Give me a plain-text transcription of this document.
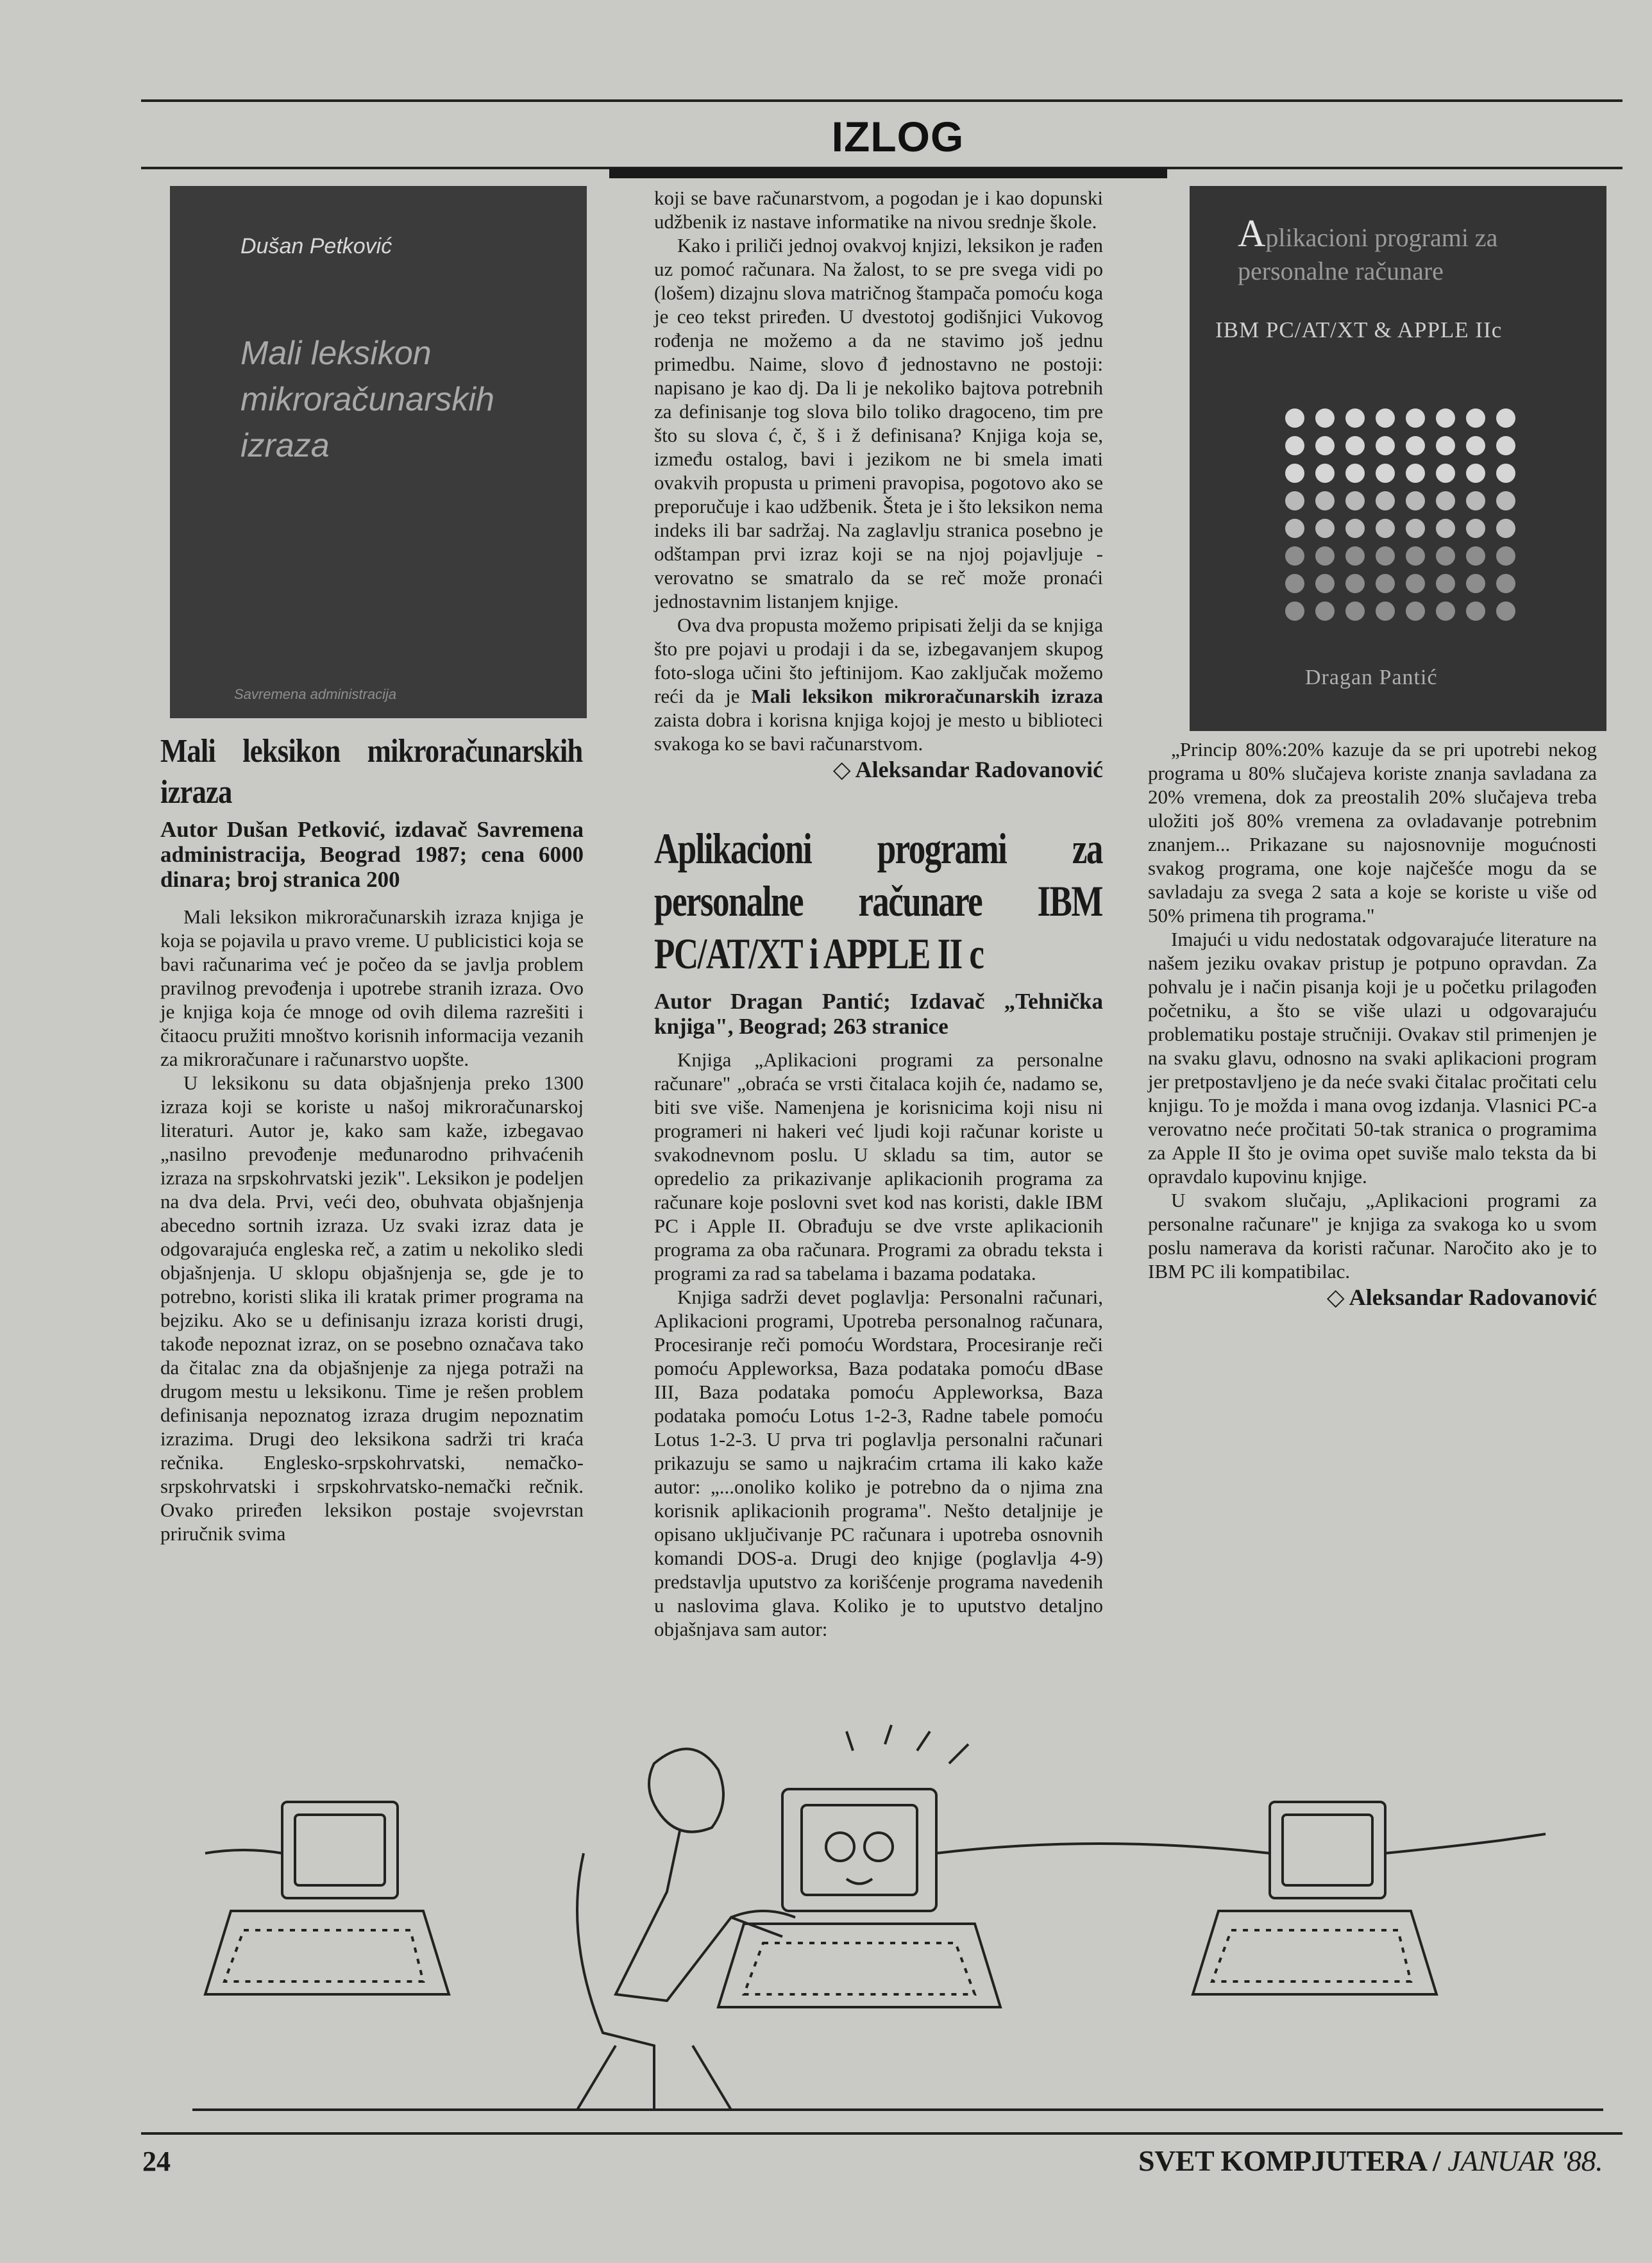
IZLOG
Dušan Petković
Mali leksikon
mikroračunarskih
izraza
Savremena administracija
Aplikacioni programi za personalne računare
IBM PC/AT/XT & APPLE IIc
Dragan Pantić
Mali leksikon mikroračunarskih izraza
Autor Dušan Petković, izdavač Savremena administracija, Beograd 1987; cena 6000 dinara; broj stranica 200

Mali leksikon mikroračunarskih izraza knjiga je koja se pojavila u pravo vreme. U publicistici koja se bavi računarima već je počeo da se javlja problem pravilnog prevođenja i upotrebe stranih izraza. Ovo je knjiga koja će mnoge od ovih dilema razrešiti i čitaocu pružiti mnoštvo korisnih informacija vezanih za mikroračunare i računarstvo uopšte.

U leksikonu su data objašnjenja preko 1300 izraza koji se koriste u našoj mikroračunarskoj literaturi. Autor je, kako sam kaže, izbegavao „nasilno prevođenje međunarodno prihvaćenih izraza na srpskohrvatski jezik". Leksikon je podeljen na dva dela. Prvi, veći deo, obuhvata objašnjenja abecedno sortnih izraza. Uz svaki izraz data je odgovarajuća engleska reč, a zatim u nekoliko sledi objašnjenja. U sklopu objašnjenja se, gde je to potrebno, koristi slika ili kratak primer programa na bejziku. Ako se u definisanju izraza koristi drugi, takođe nepoznat izraz, on se posebno označava tako da čitalac zna da objašnjenje za njega potraži na drugom mestu u leksikonu. Time je rešen problem definisanja nepoznatog izraza drugim nepoznatim izrazima. Drugi deo leksikona sadrži tri kraća rečnika. Englesko-srpskohrvatski, nemačko-srpskohrvatski i srpskohrvatsko-nemački rečnik. Ovako priređen leksikon postaje svojevrstan priručnik svima

koji se bave računarstvom, a pogodan je i kao dopunski udžbenik iz nastave informatike na nivou srednje škole.

Kako i priliči jednoj ovakvoj knjizi, leksikon je rađen uz pomoć računara. Na žalost, to se pre svega vidi po (lošem) dizajnu slova matričnog štampača pomoću koga je ceo tekst priređen. U dvestotoj godišnjici Vukovog rođenja ne možemo a da ne stavimo još jednu primedbu. Naime, slovo đ jednostavno ne postoji: napisano je kao dj. Da li je nekoliko bajtova potrebnih za definisanje tog slova bilo toliko dragoceno, tim pre što su slova ć, č, š i ž definisana? Knjiga koja se, između ostalog, bavi i jezikom ne bi smela imati ovakvih propusta u primeni pravopisa, pogotovo ako se preporučuje i kao udžbenik. Šteta je i što leksikon nema indeks ili bar sadržaj. Na zaglavlju stranica posebno je odštampan prvi izraz koji se na njoj pojavljuje - verovatno se smatralo da se reč može pronaći jednostavnim listanjem knjige.

Ova dva propusta možemo pripisati želji da se knjiga što pre pojavi u prodaji i da se, izbegavanjem skupog foto-sloga učini što jeftinijom. Kao zaključak možemo reći da je Mali leksikon mikroračunarskih izraza zaista dobra i korisna knjiga kojoj je mesto u biblioteci svakoga ko se bavi računarstvom.

◇ Aleksandar Radovanović
Aplikacioni programi za personalne računare IBM PC/AT/XT i APPLE II c
Autor Dragan Pantić; Izdavač „Tehnička knjiga", Beograd; 263 stranice

Knjiga „Aplikacioni programi za personalne računare" „obraća se vrsti čitalaca kojih će, nadamo se, biti sve više. Namenjena je korisnicima koji nisu ni programeri ni hakeri već ljudi koji računar koriste u svakodnevnom poslu. U skladu sa tim, autor se opredelio za prikazivanje aplikacionih programa za računare koje poslovni svet kod nas koristi, dakle IBM PC i Apple II. Obrađuju se dve vrste aplikacionih programa za oba računara. Programi za obradu teksta i programi za rad sa tabelama i bazama podataka.
Knjiga sadrži devet poglavlja: Personalni računari, Aplikacioni programi, Upotreba personalnog računara, Procesiranje reči pomoću Wordstara, Procesiranje reči pomoću Appleworksa, Baza podataka pomoću dBase III, Baza podataka pomoću Appleworksa, Baza podataka pomoću Lotus 1-2-3, Radne tabele pomoću Lotus 1-2-3. U prva tri poglavlja personalni računari prikazuju se samo u najkraćim crtama ili kako kaže autor: „...onoliko koliko je potrebno da o njima zna korisnik aplikacionih programa". Nešto detaljnije je opisano uključivanje PC računara i upotreba osnovnih komandi DOS-a. Drugi deo knjige (poglavlja 4-9) predstavlja uputstvo za korišćenje programa navedenih u naslovima glava. Koliko je to uputstvo detaljno objašnjava sam autor:

„Princip 80%:20% kazuje da se pri upotrebi nekog programa u 80% slučajeva koriste znanja savladana za 20% vremena, dok za preostalih 20% slučajeva treba uložiti još 80% vremena za ovladavanje potrebnim znanjem... Prikazane su najosnovnije mogućnosti svakog programa, one koje najčešće mogu da se savladaju za svega 2 sata a koje se koriste u više od 50% primena tih programa."

Imajući u vidu nedostatak odgovarajuće literature na našem jeziku ovakav pristup je potpuno opravdan. Za pohvalu je i način pisanja koji je u početku prilagođen početniku, a što se više ulazi u odgovarajuću problematiku postaje stručniji. Ovakav stil primenjen je na svaku glavu, odnosno na svaki aplikacioni program jer pretpostavljeno je da neće svaki čitalac pročitati celu knjigu. To je možda i mana ovog izdanja. Vlasnici PC-a verovatno neće pročitati 50-tak stranica o programima za Apple II što je ovima opet suviše malo teksta da bi opravdalo kupovinu knjige.

U svakom slučaju, „Aplikacioni programi za personalne računare" je knjiga za svakoga ko u svom poslu namerava da koristi računar. Naročito ako je to IBM PC ili kompatibilac.

◇ Aleksandar Radovanović
24	SVET KOMPJUTERA / JANUAR '88.
